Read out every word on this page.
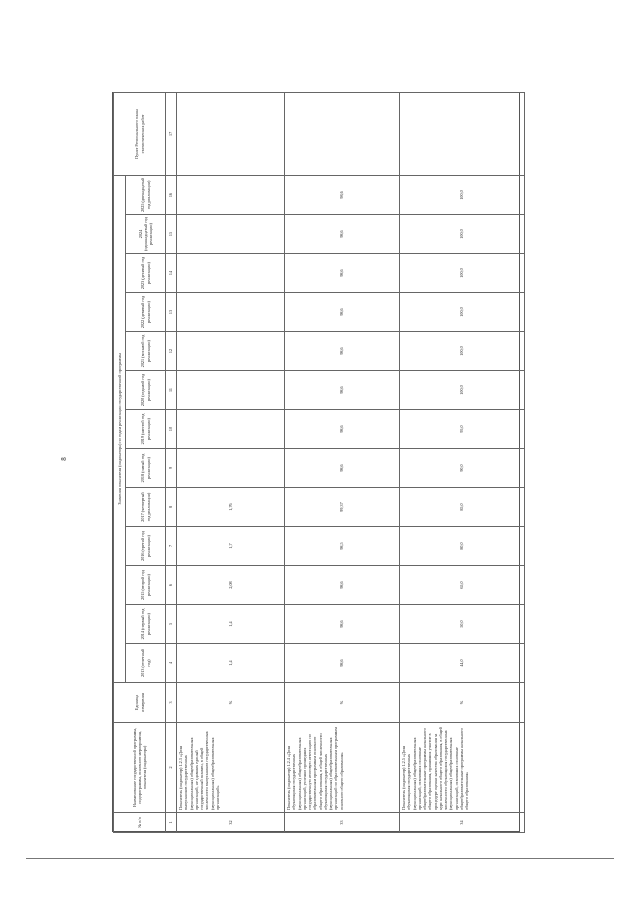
8
№ п/п	Наименование государственной программы, подпрограммы, основного мероприятия, показателя (индикатора)	Единица измерения	Значения показателя (индикатора) по годам реализации государственной программы													Пункт Регионального плана статистических работ
			2013 (отчетный год)	2014 (первый год реализации)	2015 (второй год реализации)	2016 (третий год реализации)	2017 (четвертый год реализации)	2018 (пятый год реализации)	2019 (шестой год реализации)	2020 (седьмой год реализации)	2021 (восьмой год реализации)	2022 (девятый год реализации)	2023 (десятый год реализации)	2024 (одиннадцатый год реализации)	2025 (двенадцатый год реализации)	
1	2	3	4	5	6	7	8	9	10	11	12	13	14	15	16	17
32	Показатель (индикатор) 1.2.3 «Доля выпускников государственных (муниципальных) общеобразовательных организаций, не сдавших единый государственный экзамен, в общей численности выпускников государственных (муниципальных) общеобразовательных организаций»	%	1,4	1,4	2,08	1,7	1,76									
33	Показатель (индикатор) 1.2.4 «Доля обучающихся государственных (муниципальных) общеобразовательных организаций, успешно прошедших государственную итоговую аттестацию по образовательным программам основного общего образования, в общей численности обучающихся государственных (муниципальных) общеобразовательных организаций по образовательным программам основного общего образования»	%	98,6	98,6	98,6	98,5	99,37	98,6	98,6	98,6	98,6	98,6	98,6	98,6	98,6	
34	Показатель (индикатор) 1.2.5 «Доля обучающихся государственных (муниципальных) общеобразовательных организаций, освоивших основные общеобразовательные программы начального общего образования, принявших участие в процедуре оценки качества образования за курс начального общего образования, в общей численности обучающихся государственных (муниципальных) общеобразовательных организаций, освоивших основные общеобразовательные программы начального общего образования»	%	44,0	50,0	65,0	80,0	85,0	90,0	95,0	100,0	100,0	100,0	100,0	100,0	100,0	
